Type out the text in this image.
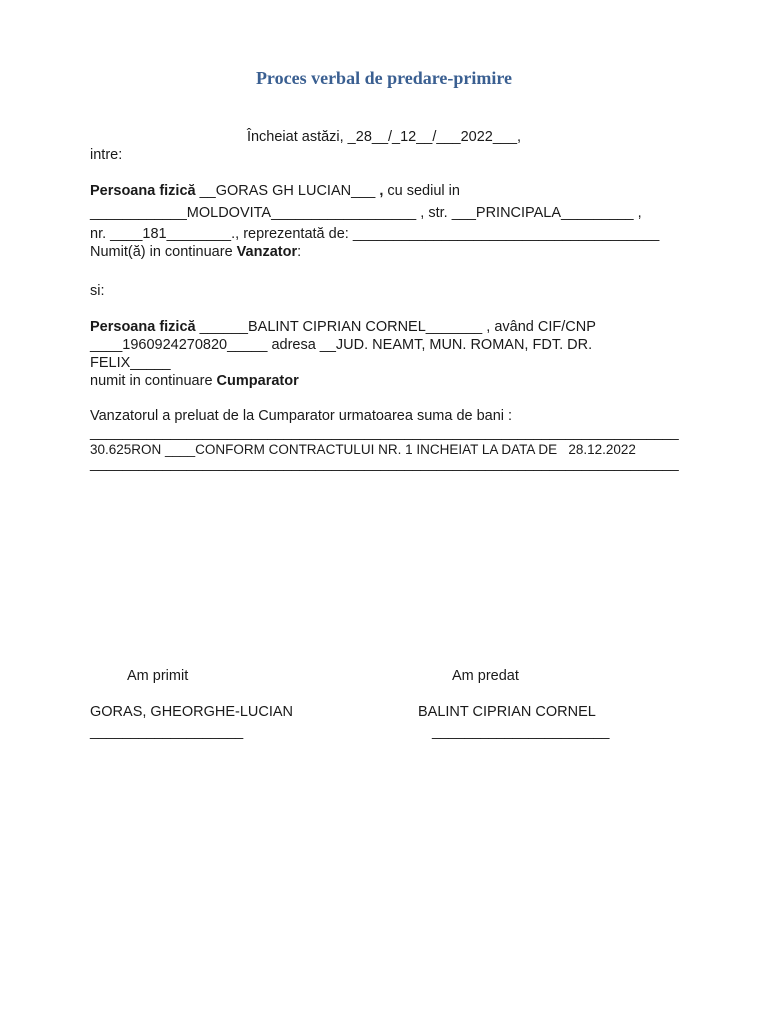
Proces verbal de predare-primire
Încheiat astăzi, _28__/_12__/___2022___,
intre:
Persoana fizică __GORAS GH LUCIAN___ , cu sediul in
____________MOLDOVITA__________________ , str. ___PRINCIPALA_________ ,
nr. ____181________., reprezentată de: ______________________________________
Numit(ă) in continuare Vanzator:
si:
Persoana fizică ______BALINT CIPRIAN CORNEL_______ , având CIF/CNP
____1960924270820_____ adresa __JUD. NEAMT, MUN. ROMAN, FDT. DR.
FELIX_____
numit in continuare Cumparator
Vanzatorul a preluat de la Cumparator urmatoarea suma de bani :
_________________________________________________________________________
30.625RON ____CONFORM CONTRACTULUI NR. 1 INCHEIAT LA DATA DE   28.12.2022
_________________________________________________________________________
Am primit	Am predat
GORAS, GHEORGHE-LUCIAN	BALINT CIPRIAN CORNEL
___________________	______________________
